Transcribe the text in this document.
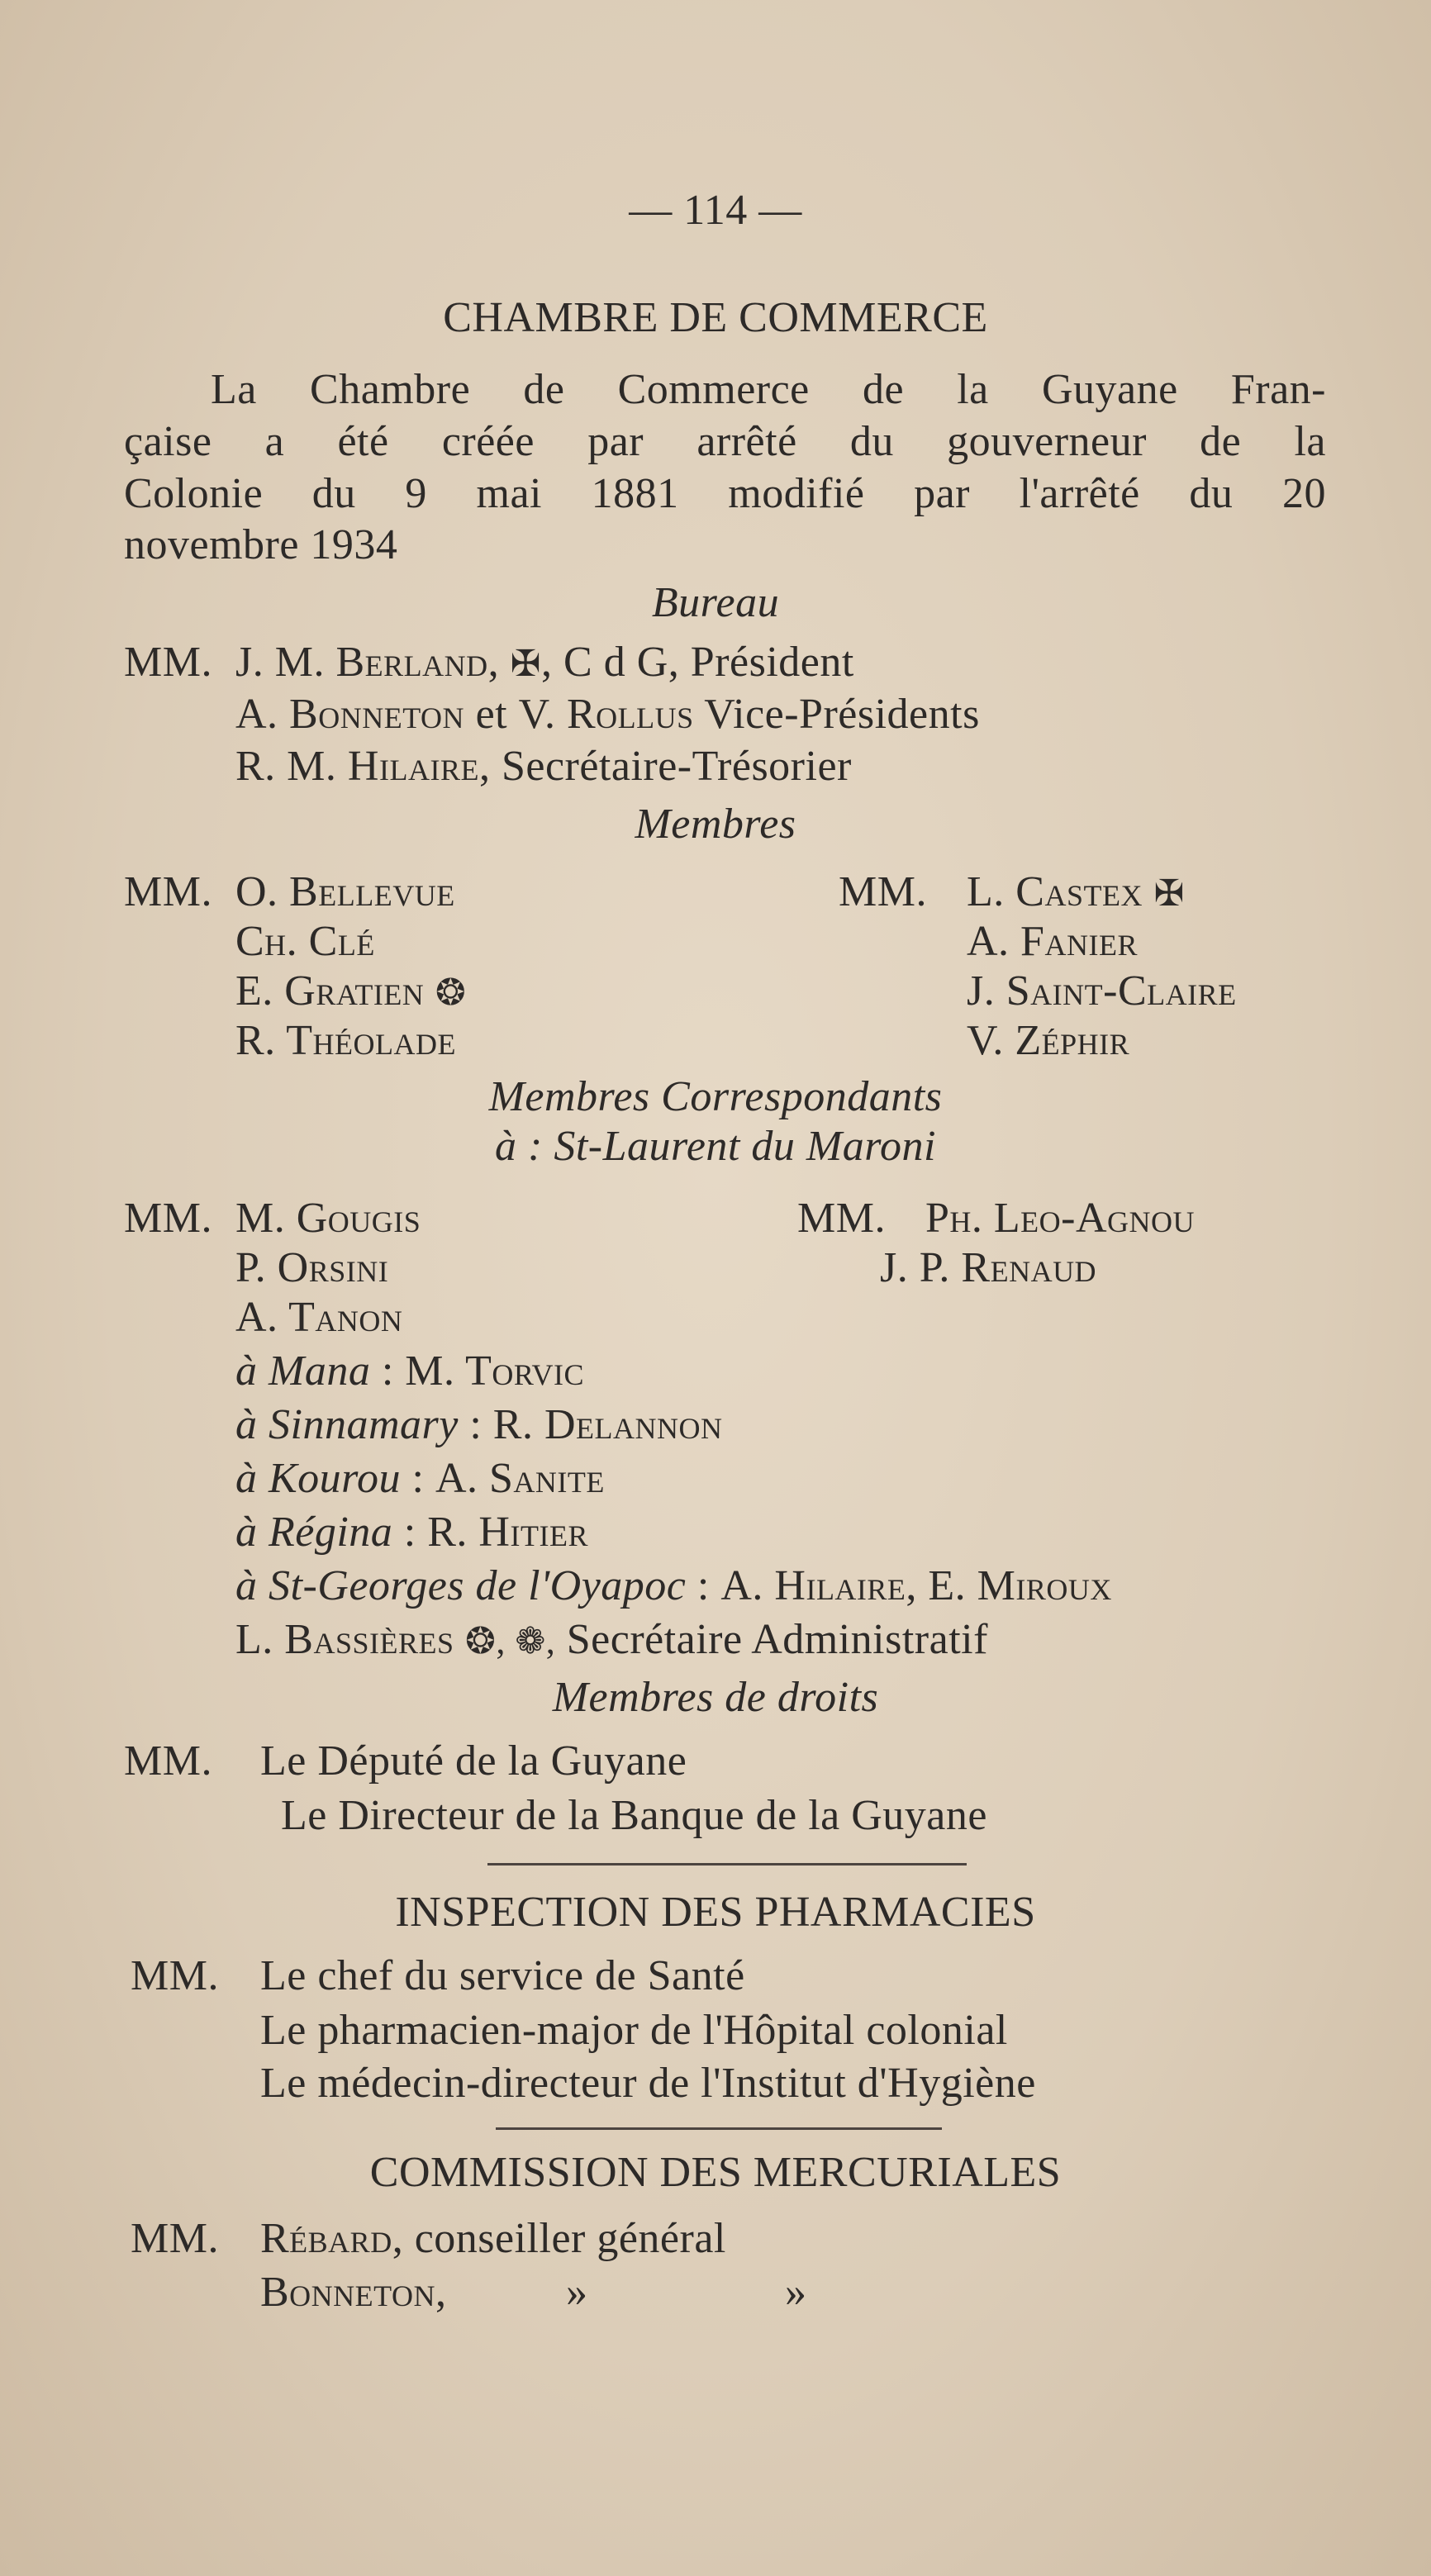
— 114 —
CHAMBRE DE COMMERCE
La Chambre de Commerce de la Guyane Fran-
çaise a été créée par arrêté du gouverneur de la
Colonie du 9 mai 1881 modifié par l'arrêté du 20
novembre 1934
Bureau
MM. J. M. Berland, ✠, C d G, Président
A. Bonneton et V. Rollus Vice-Présidents
R. M. Hilaire, Secrétaire-Trésorier
Membres
MM. O. Bellevue
Ch. Clé
E. Gratien ❂
R. Théolade
MM. L. Castex ✠
A. Fanier
J. Saint-Claire
V. Zéphir
Membres Correspondants
à : St-Laurent du Maroni
MM. M. Gougis
P. Orsini
A. Tanon
MM. Ph. Leo-Agnou
J. P. Renaud
à Mana : M. Torvic
à Sinnamary : R. Delannon
à Kourou : A. Sanite
à Régina : R. Hitier
à St-Georges de l'Oyapoc : A. Hilaire, E. Miroux
L. Bassières ❂, ❁, Secrétaire Administratif
Membres de droits
MM. Le Député de la Guyane
Le Directeur de la Banque de la Guyane
INSPECTION DES PHARMACIES
MM. Le chef du service de Santé
Le pharmacien-major de l'Hôpital colonial
Le médecin-directeur de l'Institut d'Hygiène
COMMISSION DES MERCURIALES
MM. Rébard, conseiller général
Bonneton,	»	»
